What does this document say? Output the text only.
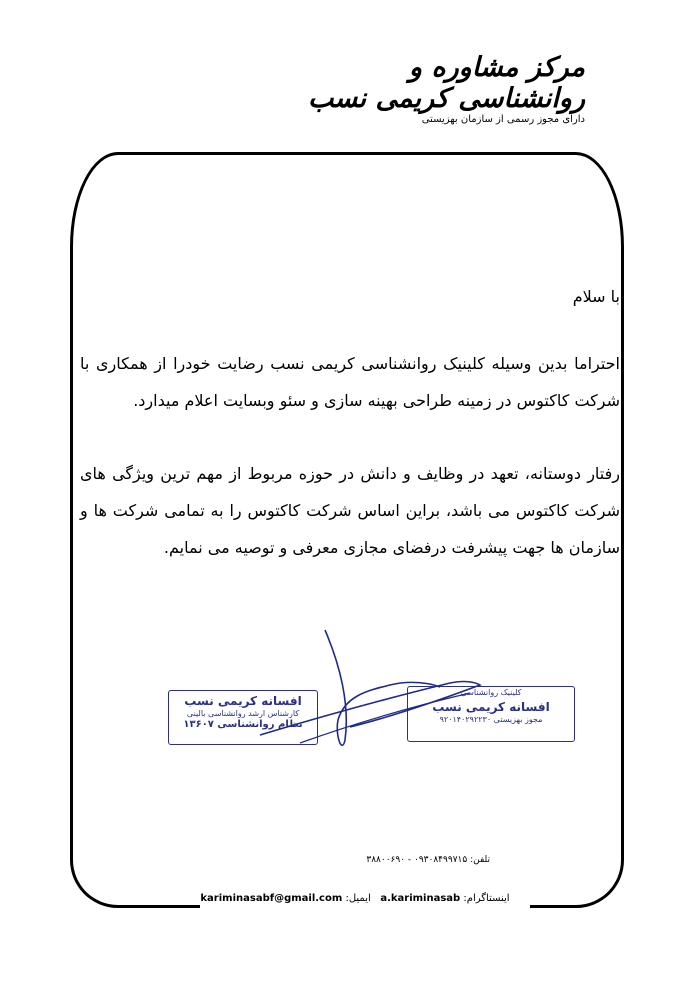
مرکز مشاوره و روانشناسی کریمی نسب
دارای مجوز رسمی از سازمان بهزیستی

با سلام

احتراما بدین وسیله کلینیک روانشناسی کریمی نسب رضایت خودرا از همکاری با شرکت کاکتوس در زمینه طراحی بهینه سازی و سئو وبسایت اعلام میدارد.

رفتار دوستانه، تعهد در وظایف و دانش در حوزه مربوط از مهم ترین ویژگی های شرکت کاکتوس می باشد، براین اساس شرکت کاکتوس را به تمامی شرکت ها و سازمان ها جهت پیشرفت درفضای مجازی معرفی و توصیه می نمایم.

افسانه کریمی نسب
کارشناس ارشد روانشناسی بالینی
نظام روانشناسی ۱۳۶۰۷
کلینیک روانشناسی
افسانه کریمی نسب
مجوز بهزیستی ۹۲۰۱۴۰۲۹۲۲۳۰
تلفن: ۰۹۳۰۸۴۹۹۷۱۵ - ۳۸۸۰۰۶۹۰
اینستاگرام: a.kariminasab   ایمیل: kariminasabf@gmail.com
